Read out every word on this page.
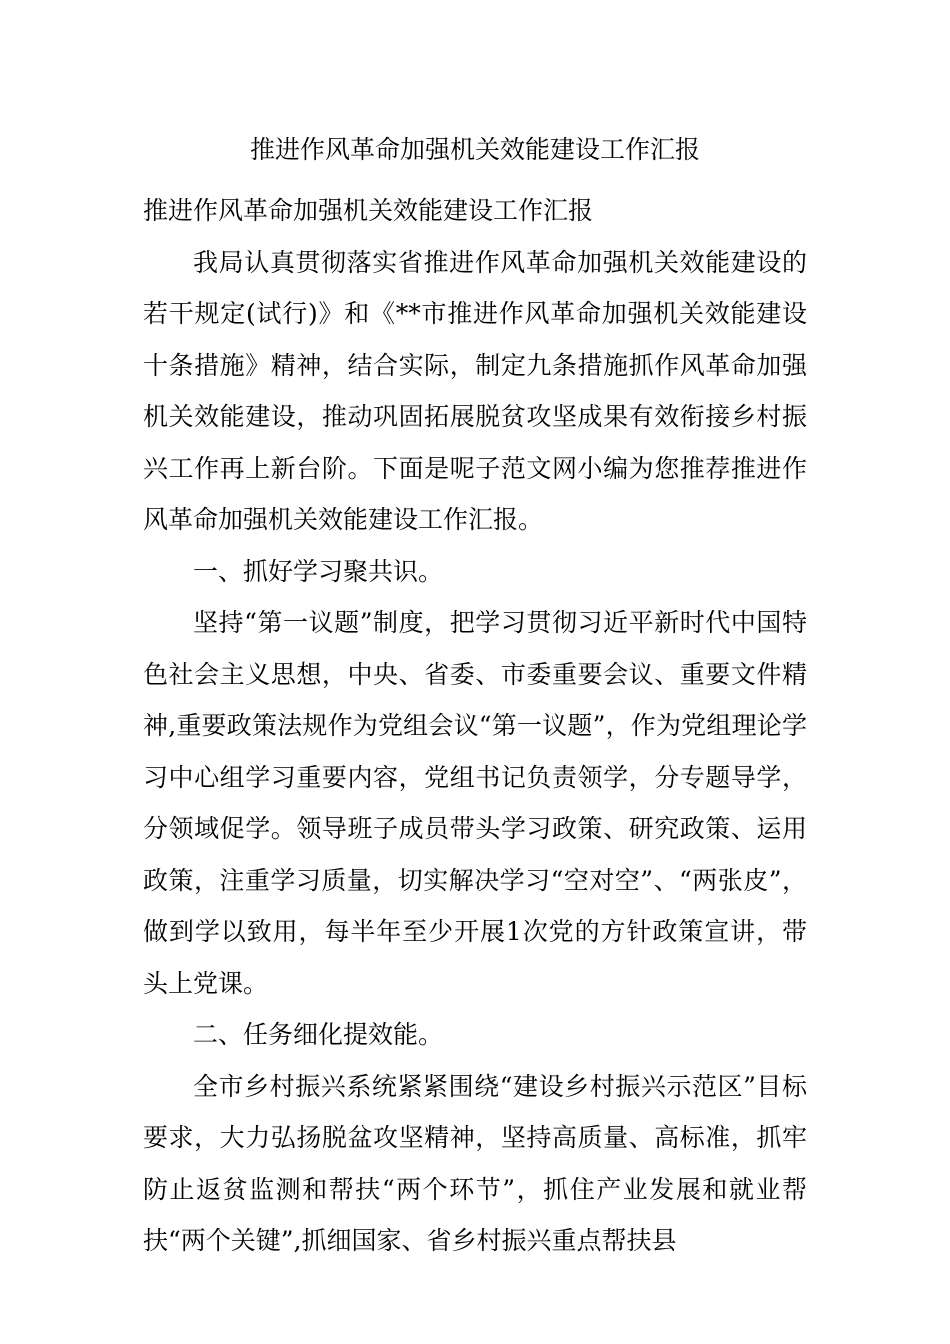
推进作风革命加强机关效能建设工作汇报

推进作风革命加强机关效能建设工作汇报

我局认真贯彻落实省推进作风革命加强机关效能建设的若干规定(试行)》和《**市推进作风革命加强机关效能建设十条措施》精神，结合实际，制定九条措施抓作风革命加强机关效能建设，推动巩固拓展脱贫攻坚成果有效衔接乡村振兴工作再上新台阶。下面是呢子范文网小编为您推荐推进作风革命加强机关效能建设工作汇报。

一、抓好学习聚共识。

坚持“第一议题”制度，把学习贯彻习近平新时代中国特色社会主义思想，中央、省委、市委重要会议、重要文件精神,重要政策法规作为党组会议“第一议题”，作为党组理论学习中心组学习重要内容，党组书记负责领学，分专题导学，分领域促学。领导班子成员带头学习政策、研究政策、运用政策，注重学习质量，切实解决学习“空对空”、“两张皮”，做到学以致用，每半年至少开展1次党的方针政策宣讲，带头上党课。

二、任务细化提效能。

全市乡村振兴系统紧紧围绕“建设乡村振兴示范区”目标要求，大力弘扬脱盆攻坚精神，坚持高质量、高标准，抓牢防止返贫监测和帮扶“两个环节”，抓住产业发展和就业帮扶“两个关键”,抓细国家、省乡村振兴重点帮扶县
